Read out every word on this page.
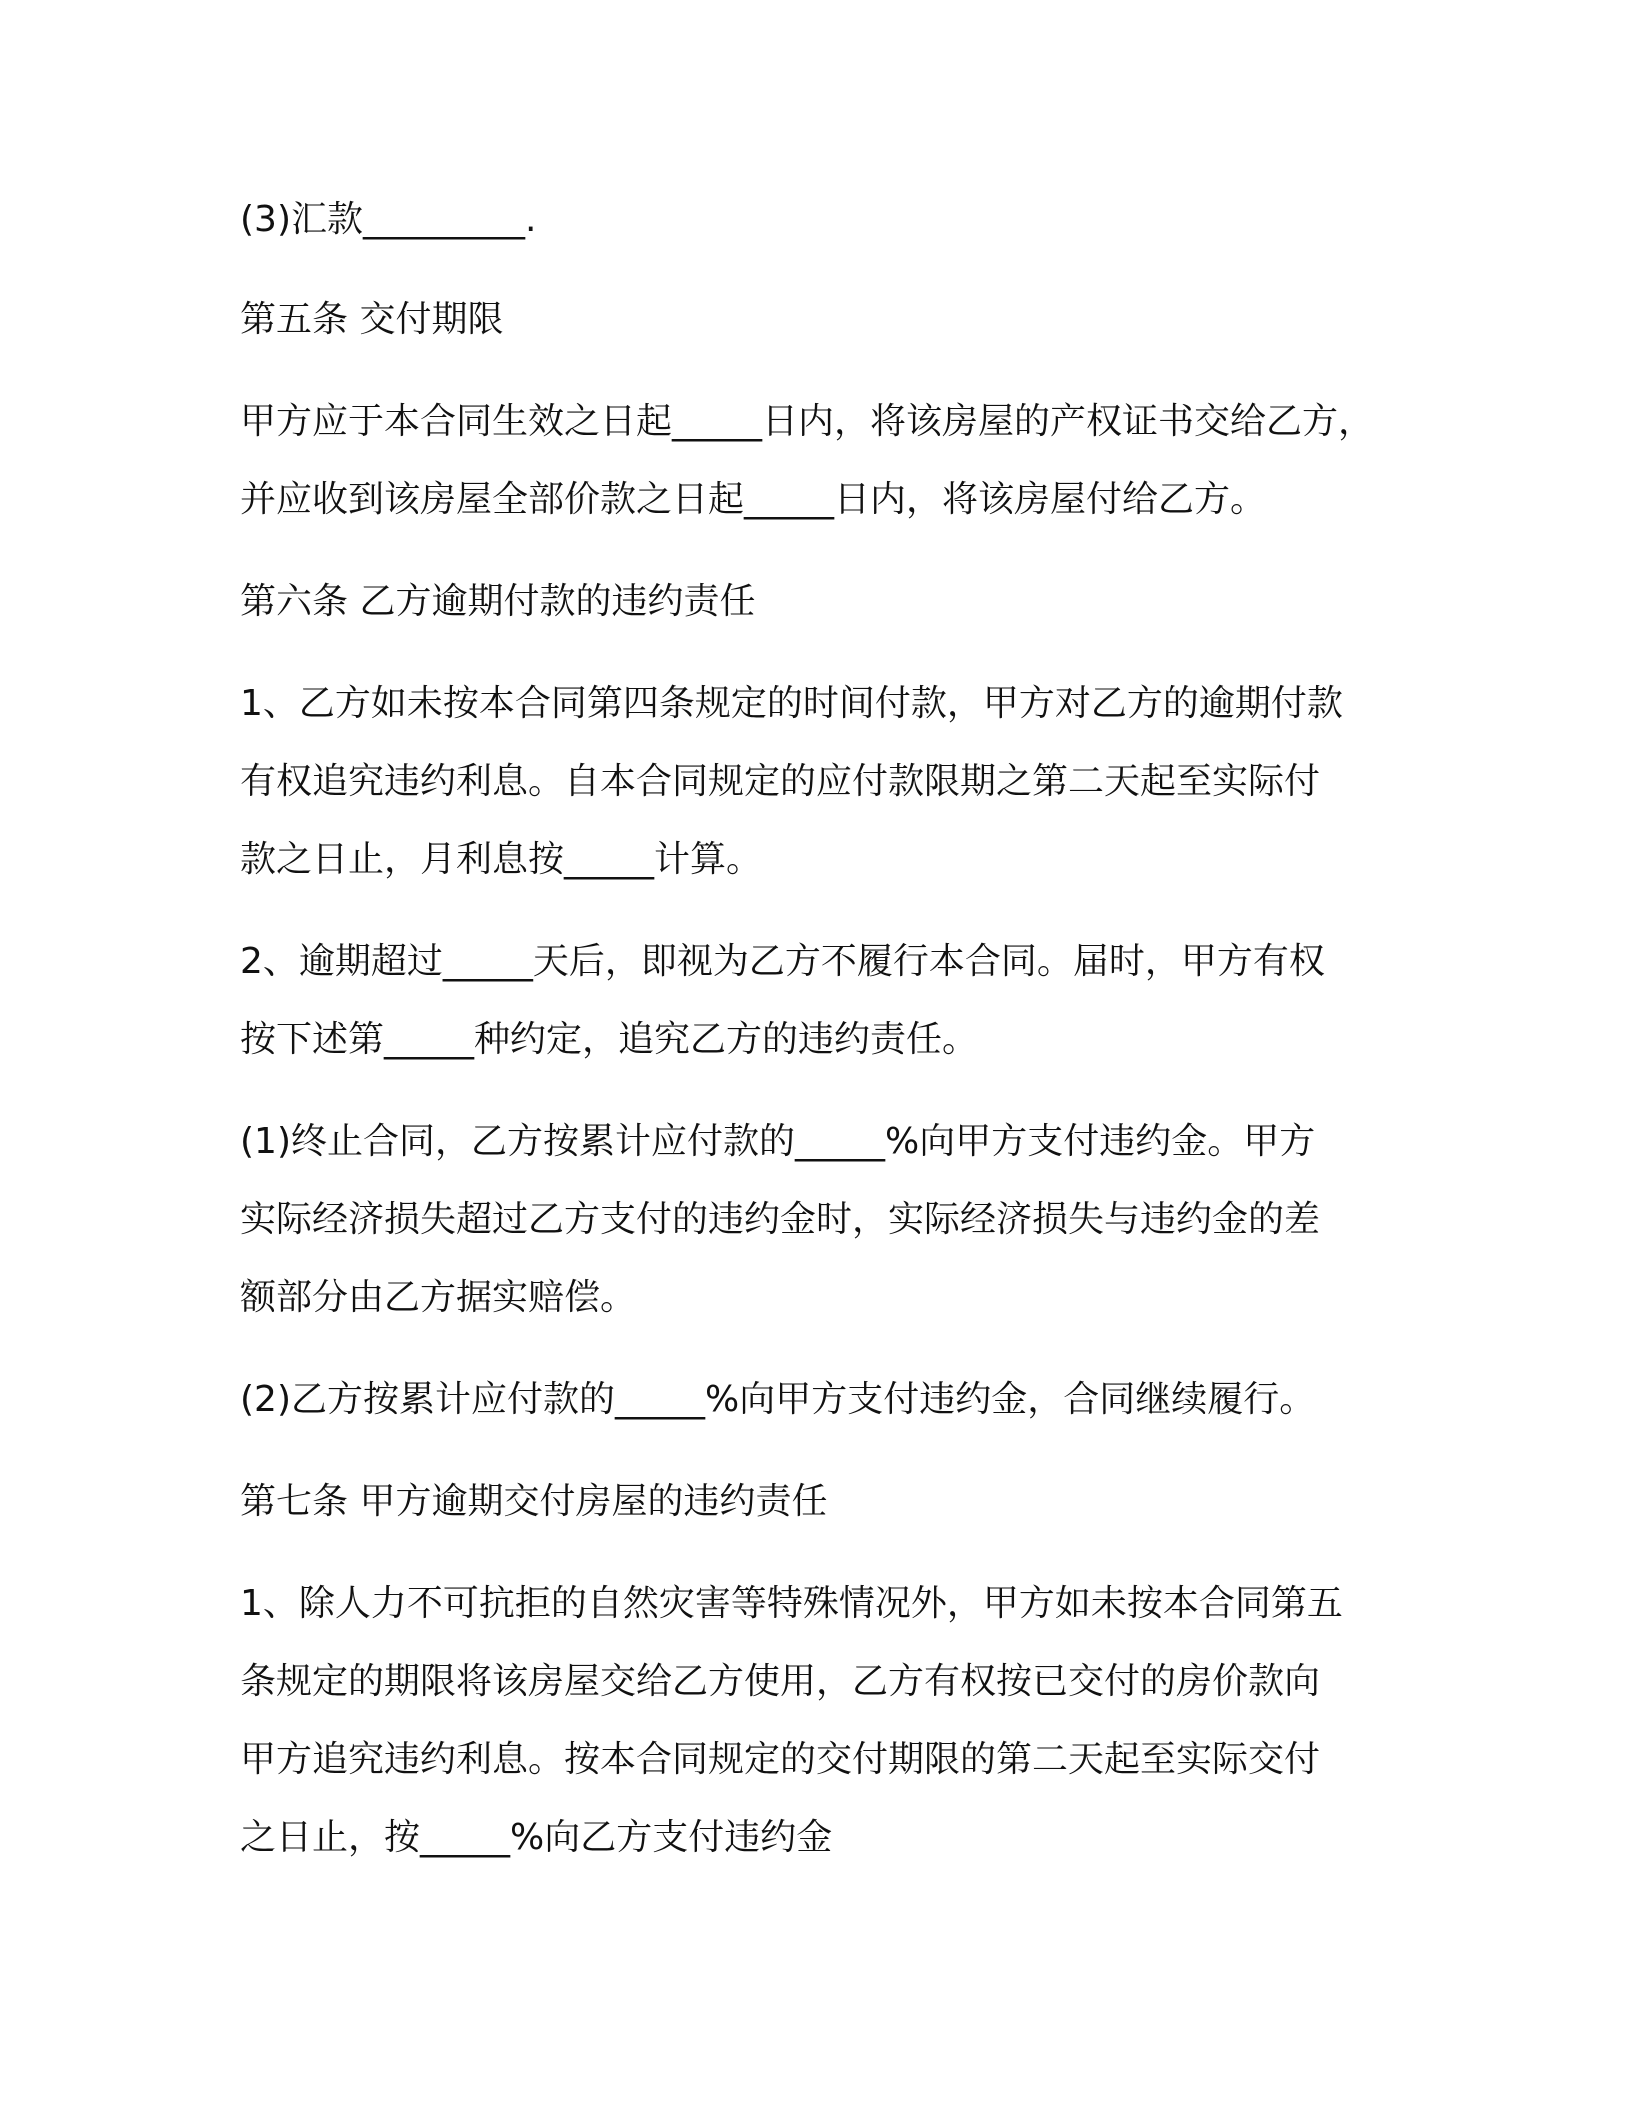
(3)汇款_________.
第五条 交付期限
甲方应于本合同生效之日起_____日内，将该房屋的产权证书交给乙方，
并应收到该房屋全部价款之日起_____日内，将该房屋付给乙方。
第六条 乙方逾期付款的违约责任
1、乙方如未按本合同第四条规定的时间付款，甲方对乙方的逾期付款
有权追究违约利息。自本合同规定的应付款限期之第二天起至实际付
款之日止，月利息按_____计算。
2、逾期超过_____天后，即视为乙方不履行本合同。届时，甲方有权
按下述第_____种约定，追究乙方的违约责任。
(1)终止合同，乙方按累计应付款的_____%向甲方支付违约金。甲方
实际经济损失超过乙方支付的违约金时，实际经济损失与违约金的差
额部分由乙方据实赔偿。
(2)乙方按累计应付款的_____%向甲方支付违约金，合同继续履行。
第七条 甲方逾期交付房屋的违约责任
1、除人力不可抗拒的自然灾害等特殊情况外，甲方如未按本合同第五
条规定的期限将该房屋交给乙方使用，乙方有权按已交付的房价款向
甲方追究违约利息。按本合同规定的交付期限的第二天起至实际交付
之日止，按_____%向乙方支付违约金
